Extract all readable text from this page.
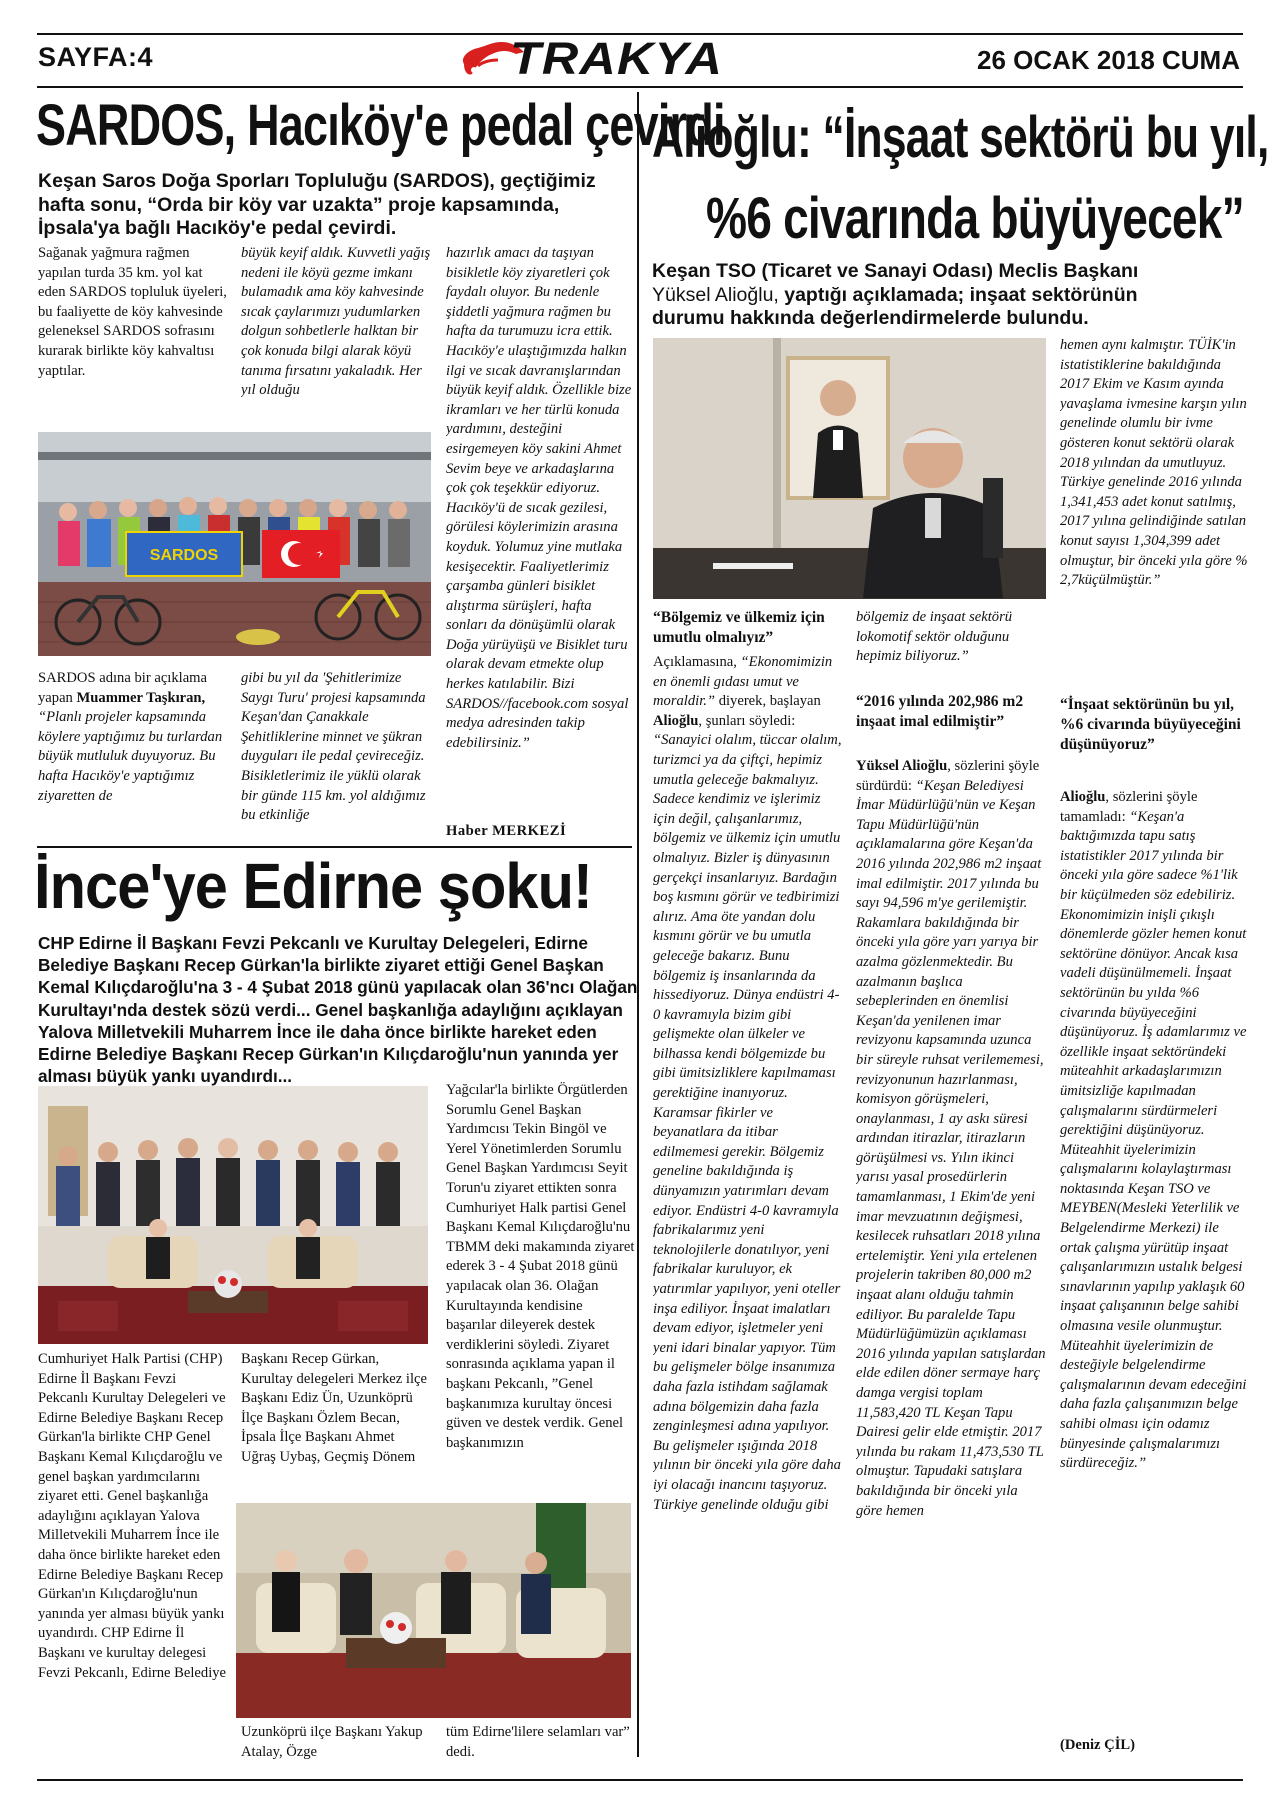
SAYFA:4	TRAKYA	26 OCAK 2018 CUMA
SARDOS, Hacıköy'e pedal çevirdi
Keşan Saros Doğa Sporları Topluluğu (SARDOS), geçtiğimiz hafta sonu, “Orda bir köy var uzakta” proje kapsamında, İpsala'ya bağlı Hacıköy'e pedal çevirdi.

Sağanak yağmura rağmen yapılan turda 35 km. yol kat eden SARDOS topluluk üyeleri, bu faaliyette de köy kahvesinde geleneksel SARDOS sofrasını kurarak birlikte köy kahvaltısı yaptılar.

büyük keyif aldık. Kuvvetli yağış nedeni ile köyü gezme imkanı bulamadık ama köy kahvesinde sıcak çaylarımızı yudumlarken dolgun sohbetlerle halktan bir çok konuda bilgi alarak köyü tanıma fırsatını yakaladık. Her yıl olduğu

hazırlık amacı da taşıyan bisikletle köy ziyaretleri çok faydalı oluyor. Bu nedenle şiddetli yağmura rağmen bu hafta da turumuzu icra ettik. Hacıköy'e ulaştığımızda halkın ilgi ve sıcak davranışlarından büyük keyif aldık. Özellikle bize ikramları ve her türlü konuda yardımını, desteğini esirgemeyen köy sakini Ahmet Sevim beye ve arkadaşlarına çok çok teşekkür ediyoruz. Hacıköy'ü de sıcak gezilesi, görülesi köylerimizin arasına koyduk. Yolumuz yine mutlaka kesişecektir. Faaliyetlerimiz çarşamba günleri bisiklet alıştırma sürüşleri, hafta sonları da dönüşümlü olarak Doğa yürüyüşü ve Bisiklet turu olarak devam etmekte olup herkes katılabilir. Bizi SARDOS//facebook.com sosyal medya adresinden takip edebilirsiniz.”

SARDOS

SARDOS adına bir açıklama yapan Muammer Taşkıran, “Planlı projeler kapsamında köylere yaptığımız bu turlardan büyük mutluluk duyuyoruz. Bu hafta Hacıköy'e yaptığımız ziyaretten de

gibi bu yıl da 'Şehitlerimize Saygı Turu' projesi kapsamında Keşan'dan Çanakkale Şehitliklerine minnet ve şükran duyguları ile pedal çevireceğiz. Bisikletlerimiz ile yüklü olarak bir günde 115 km. yol aldığımız bu etkinliğe

Haber MERKEZİ
İnce'ye Edirne şoku!
CHP Edirne İl Başkanı Fevzi Pekcanlı ve Kurultay Delegeleri, Edirne Belediye Başkanı Recep Gürkan'la birlikte ziyaret ettiği Genel Başkan Kemal Kılıçdaroğlu'na 3 - 4 Şubat 2018 günü yapılacak olan 36'ncı Olağan Kurultayı'nda destek sözü verdi... Genel başkanlığa adaylığını açıklayan Yalova Milletvekili Muharrem İnce ile daha önce birlikte hareket eden Edirne Belediye Başkanı Recep Gürkan'ın Kılıçdaroğlu'nun yanında yer alması büyük yankı uyandırdı...

Yağcılar'la birlikte Örgütlerden Sorumlu Genel Başkan Yardımcısı Tekin Bingöl ve Yerel Yönetimlerden Sorumlu Genel Başkan Yardımcısı Seyit Torun'u ziyaret ettikten sonra Cumhuriyet Halk partisi Genel Başkanı Kemal Kılıçdaroğlu'nu TBMM deki makamında ziyaret ederek 3 - 4 Şubat 2018 günü yapılacak olan 36. Olağan Kurultayında kendisine başarılar dileyerek destek verdiklerini söyledi. Ziyaret sonrasında açıklama yapan il başkanı Pekcanlı, ”Genel başkanımıza kurultay öncesi güven ve destek verdik. Genel başkanımızın

Cumhuriyet Halk Partisi (CHP) Edirne İl Başkanı Fevzi Pekcanlı Kurultay Delegeleri ve Edirne Belediye Başkanı Recep Gürkan'la birlikte CHP Genel Başkanı Kemal Kılıçdaroğlu ve genel başkan yardımcılarını ziyaret etti. Genel başkanlığa adaylığını açıklayan Yalova Milletvekili Muharrem İnce ile daha önce birlikte hareket eden Edirne Belediye Başkanı Recep Gürkan'ın Kılıçdaroğlu'nun yanında yer alması büyük yankı uyandırdı. CHP Edirne İl Başkanı ve kurultay delegesi Fevzi Pekcanlı, Edirne Belediye

Başkanı Recep Gürkan, Kurultay delegeleri Merkez ilçe Başkanı Ediz Ün, Uzunköprü İlçe Başkanı Özlem Becan, İpsala İlçe Başkanı Ahmet Uğraş Uybaş, Geçmiş Dönem

Uzunköprü ilçe Başkanı Yakup Atalay, Özge

tüm Edirne'lilere selamları var” dedi.

Alioğlu: “İnşaat sektörü bu yıl,
%6 civarında büyüyecek”
Keşan TSO (Ticaret ve Sanayi Odası) Meclis Başkanı
Yüksel Alioğlu, yaptığı açıklamada; inşaat sektörünün
durumu hakkında değerlendirmelerde bulundu.

hemen aynı kalmıştır. TÜİK'in istatistiklerine bakıldığında 2017 Ekim ve Kasım ayında yavaşlama ivmesine karşın yılın genelinde olumlu bir ivme gösteren konut sektörü olarak 2018 yılından da umutluyuz. Türkiye genelinde 2016 yılında 1,341,453 adet konut satılmış, 2017 yılına gelindiğinde satılan konut sayısı 1,304,399 adet olmuştur, bir önceki yıla göre % 2,7küçülmüştür.”

“İnşaat sektörünün bu yıl, %6 civarında büyüyeceğini düşünüyoruz”

Alioğlu, sözlerini şöyle tamamladı: “Keşan'a baktığımızda tapu satış istatistikler 2017 yılında bir önceki yıla göre sadece %1'lik bir küçülmeden söz edebiliriz. Ekonomimizin inişli çıkışlı dönemlerde gözler hemen konut sektörüne dönüyor. Ancak kısa vadeli düşünülmemeli. İnşaat sektörünün bu yılda %6 civarında büyüyeceğini düşünüyoruz. İş adamlarımız ve özellikle inşaat sektöründeki müteahhit arkadaşlarımızın ümitsizliğe kapılmadan çalışmalarını sürdürmeleri gerektiğini düşünüyoruz. Müteahhit üyelerimizin çalışmalarını kolaylaştırması noktasında Keşan TSO ve MEYBEN(Mesleki Yeterlilik ve Belgelendirme Merkezi) ile ortak çalışma yürütüp inşaat çalışanlarımızın ustalık belgesi sınavlarının yapılıp yaklaşık 60 inşaat çalışanının belge sahibi olmasına vesile olunmuştur. Müteahhit üyelerimizin de desteğiyle belgelendirme çalışmalarının devam edeceğini daha fazla çalışanımızın belge sahibi olması için odamız bünyesinde çalışmalarımızı sürdüreceğiz.”

(Deniz ÇİL)
“Bölgemiz ve ülkemiz için umutlu olmalıyız”

Açıklamasına, “Ekonomimizin en önemli gıdası umut ve moraldir.” diyerek, başlayan Alioğlu, şunları söyledi: “Sanayici olalım, tüccar olalım, turizmci ya da çiftçi, hepimiz umutla geleceğe bakmalıyız. Sadece kendimiz ve işlerimiz için değil, çalışanlarımız, bölgemiz ve ülkemiz için umutlu olmalıyız. Bizler iş dünyasının gerçekçi insanlarıyız. Bardağın boş kısmını görür ve tedbirimizi alırız. Ama öte yandan dolu kısmını görür ve bu umutla geleceğe bakarız. Bunu bölgemiz iş insanlarında da hissediyoruz. Dünya endüstri 4-0 kavramıyla bizim gibi gelişmekte olan ülkeler ve bilhassa kendi bölgemizde bu gibi ümitsizliklere kapılmaması gerektiğine inanıyoruz. Karamsar fikirler ve beyanatlara da itibar edilmemesi gerekir. Bölgemiz geneline bakıldığında iş dünyamızın yatırımları devam ediyor. Endüstri 4-0 kavramıyla fabrikalarımız yeni teknolojilerle donatılıyor, yeni fabrikalar kuruluyor, ek yatırımlar yapılıyor, yeni oteller inşa ediliyor. İnşaat imalatları devam ediyor, işletmeler yeni yeni idari binalar yapıyor. Tüm bu gelişmeler bölge insanımıza daha fazla istihdam sağlamak adına bölgemizin daha fazla zenginleşmesi adına yapılıyor. Bu gelişmeler ışığında 2018 yılının bir önceki yıla göre daha iyi olacağı inancını taşıyoruz. Türkiye genelinde olduğu gibi

bölgemiz de inşaat sektörü lokomotif sektör olduğunu hepimiz biliyoruz.”

“2016 yılında 202,986 m2 inşaat imal edilmiştir”

Yüksel Alioğlu, sözlerini şöyle sürdürdü: “Keşan Belediyesi İmar Müdürlüğü'nün ve Keşan Tapu Müdürlüğü'nün açıklamalarına göre Keşan'da 2016 yılında 202,986 m2 inşaat imal edilmiştir. 2017 yılında bu sayı 94,596 m'ye gerilemiştir. Rakamlara bakıldığında bir önceki yıla göre yarı yarıya bir azalma gözlenmektedir. Bu azalmanın başlıca sebeplerinden en önemlisi Keşan'da yenilenen imar revizyonu kapsamında uzunca bir süreyle ruhsat verilememesi, revizyonunun hazırlanması, komisyon görüşmeleri, onaylanması, 1 ay askı süresi ardından itirazlar, itirazların görüşülmesi vs. Yılın ikinci yarısı yasal prosedürlerin tamamlanması, 1 Ekim'de yeni imar mevzuatının değişmesi, kesilecek ruhsatları 2018 yılına ertelemiştir. Yeni yıla ertelenen projelerin takriben 80,000 m2 inşaat alanı olduğu tahmin ediliyor. Bu paralelde Tapu Müdürlüğümüzün açıklaması 2016 yılında yapılan satışlardan elde edilen döner sermaye harç damga vergisi toplam 11,583,420 TL Keşan Tapu Dairesi gelir elde etmiştir. 2017 yılında bu rakam 11,473,530 TL olmuştur. Tapudaki satışlara bakıldığında bir önceki yıla göre hemen
